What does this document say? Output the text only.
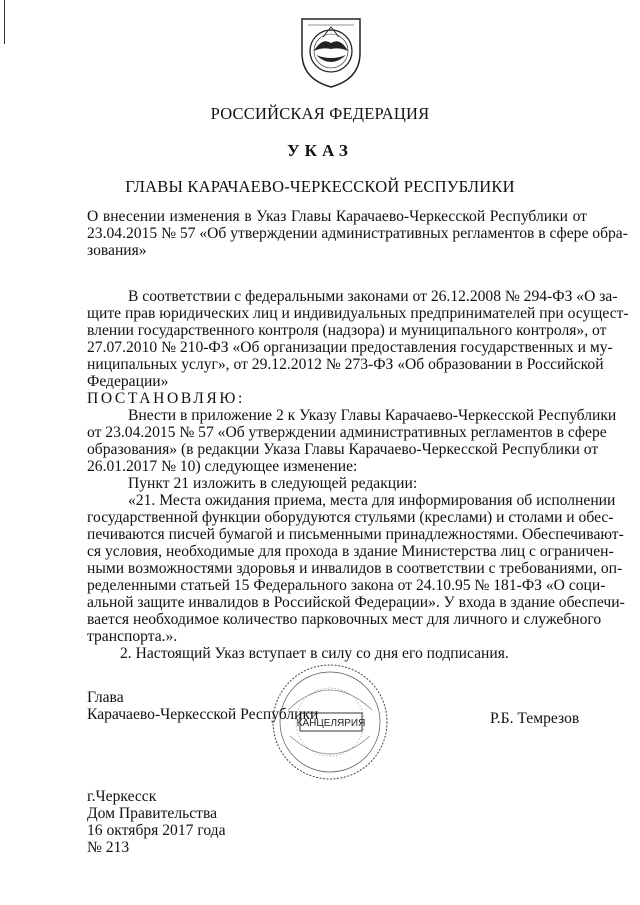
РОССИЙСКАЯ ФЕДЕРАЦИЯ
УКАЗ
ГЛАВЫ КАРАЧАЕВО-ЧЕРКЕССКОЙ РЕСПУБЛИКИ
О внесении изменения в Указ Главы Карачаево-Черкесской Республики от
23.04.2015 № 57 «Об утверждении административных регламентов в сфере обра-
зования»
В соответствии с федеральными законами от 26.12.2008 № 294-ФЗ «О за-
щите прав юридических лиц и индивидуальных предпринимателей при осущест-
влении государственного контроля (надзора) и муниципального контроля», от
27.07.2010 № 210-ФЗ «Об организации предоставления государственных и му-
ниципальных услуг», от 29.12.2012 № 273-ФЗ «Об образовании в Российской
Федерации»
ПОСТАНОВЛЯЮ:
Внести в приложение 2 к Указу Главы Карачаево-Черкесской Республики
от 23.04.2015 № 57 «Об утверждении административных регламентов в сфере
образования» (в редакции Указа Главы Карачаево-Черкесской Республики от
26.01.2017 № 10) следующее изменение:
Пункт 21 изложить в следующей редакции:
«21. Места ожидания приема, места для информирования об исполнении
государственной функции оборудуются стульями (креслами) и столами и обес-
печиваются писчей бумагой и письменными принадлежностями. Обеспечивают-
ся условия, необходимые для прохода в здание Министерства лиц с ограничен-
ными возможностями здоровья и инвалидов в соответствии с требованиями, оп-
ределенными статьей 15 Федерального закона от 24.10.95 № 181-ФЗ «О соци-
альной защите инвалидов в Российской Федерации». У входа в здание обеспечи-
вается необходимое количество парковочных мест для личного и служебного
транспорта.».
2. Настоящий Указ вступает в силу со дня его подписания.
КАНЦЕЛЯРИЯ
Глава
Карачаево-Черкесской Республики	Р.Б. Темрезов
г.Черкесск
Дом Правительства
16 октября 2017 года
№ 213
